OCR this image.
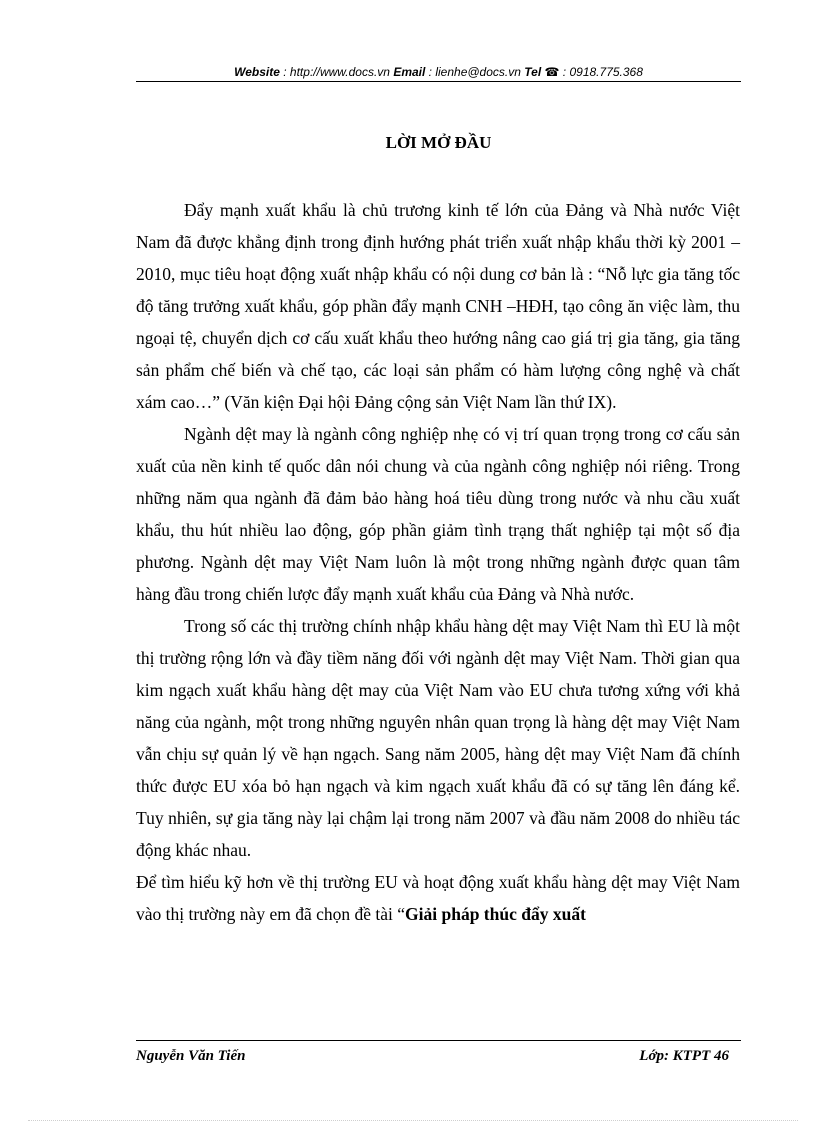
Website : http://www.docs.vn Email : lienhe@docs.vn Tel ☎ : 0918.775.368
LỜI MỞ ĐẦU

Đẩy mạnh xuất khẩu là chủ trương kinh tế lớn của Đảng và Nhà nước Việt Nam đã được khẳng định trong định hướng phát triển xuất nhập khẩu thời kỳ 2001 – 2010, mục tiêu hoạt động xuất nhập khẩu có nội dung cơ bản là : “Nỗ lực gia tăng tốc độ tăng trưởng xuất khẩu, góp phần đẩy mạnh CNH –HĐH, tạo công ăn việc làm, thu ngoại tệ, chuyển dịch cơ cấu xuất khẩu theo hướng nâng cao giá trị gia tăng, gia tăng sản phẩm chế biến và chế tạo, các loại sản phẩm có hàm lượng công nghệ và chất xám cao…” (Văn kiện Đại hội Đảng cộng sản Việt Nam lần thứ IX).

Ngành dệt may là ngành công nghiệp nhẹ có vị trí quan trọng trong cơ cấu sản xuất của nền kinh tế quốc dân nói chung và của ngành công nghiệp nói riêng. Trong những năm qua ngành đã đảm bảo hàng hoá tiêu dùng trong nước và nhu cầu xuất khẩu, thu hút nhiều lao động, góp phần giảm tình trạng thất nghiệp tại một số địa phương. Ngành dệt may Việt Nam luôn là một trong những ngành được quan tâm hàng đầu trong chiến lược đẩy mạnh xuất khẩu của Đảng và Nhà nước.

Trong số các thị trường chính nhập khẩu hàng dệt may Việt Nam thì EU là một thị trường rộng lớn và đầy tiềm năng đối với ngành dệt may Việt Nam. Thời gian qua kim ngạch xuất khẩu hàng dệt may của Việt Nam vào EU chưa tương xứng với khả năng của ngành, một trong những nguyên nhân quan trọng là hàng dệt may Việt Nam vẫn chịu sự quản lý về hạn ngạch. Sang năm 2005, hàng dệt may Việt Nam đã chính thức được EU xóa bỏ hạn ngạch và kim ngạch xuất khẩu đã có sự tăng lên đáng kể. Tuy nhiên, sự gia tăng này lại chậm lại trong năm 2007 và đầu năm 2008 do nhiều tác động khác nhau.

Để tìm hiểu kỹ hơn về thị trường EU và hoạt động xuất khẩu hàng dệt may Việt Nam vào thị trường này em đã chọn đề tài “Giải pháp thúc đẩy xuất

Nguyễn Văn Tiến	Lớp: KTPT 46
